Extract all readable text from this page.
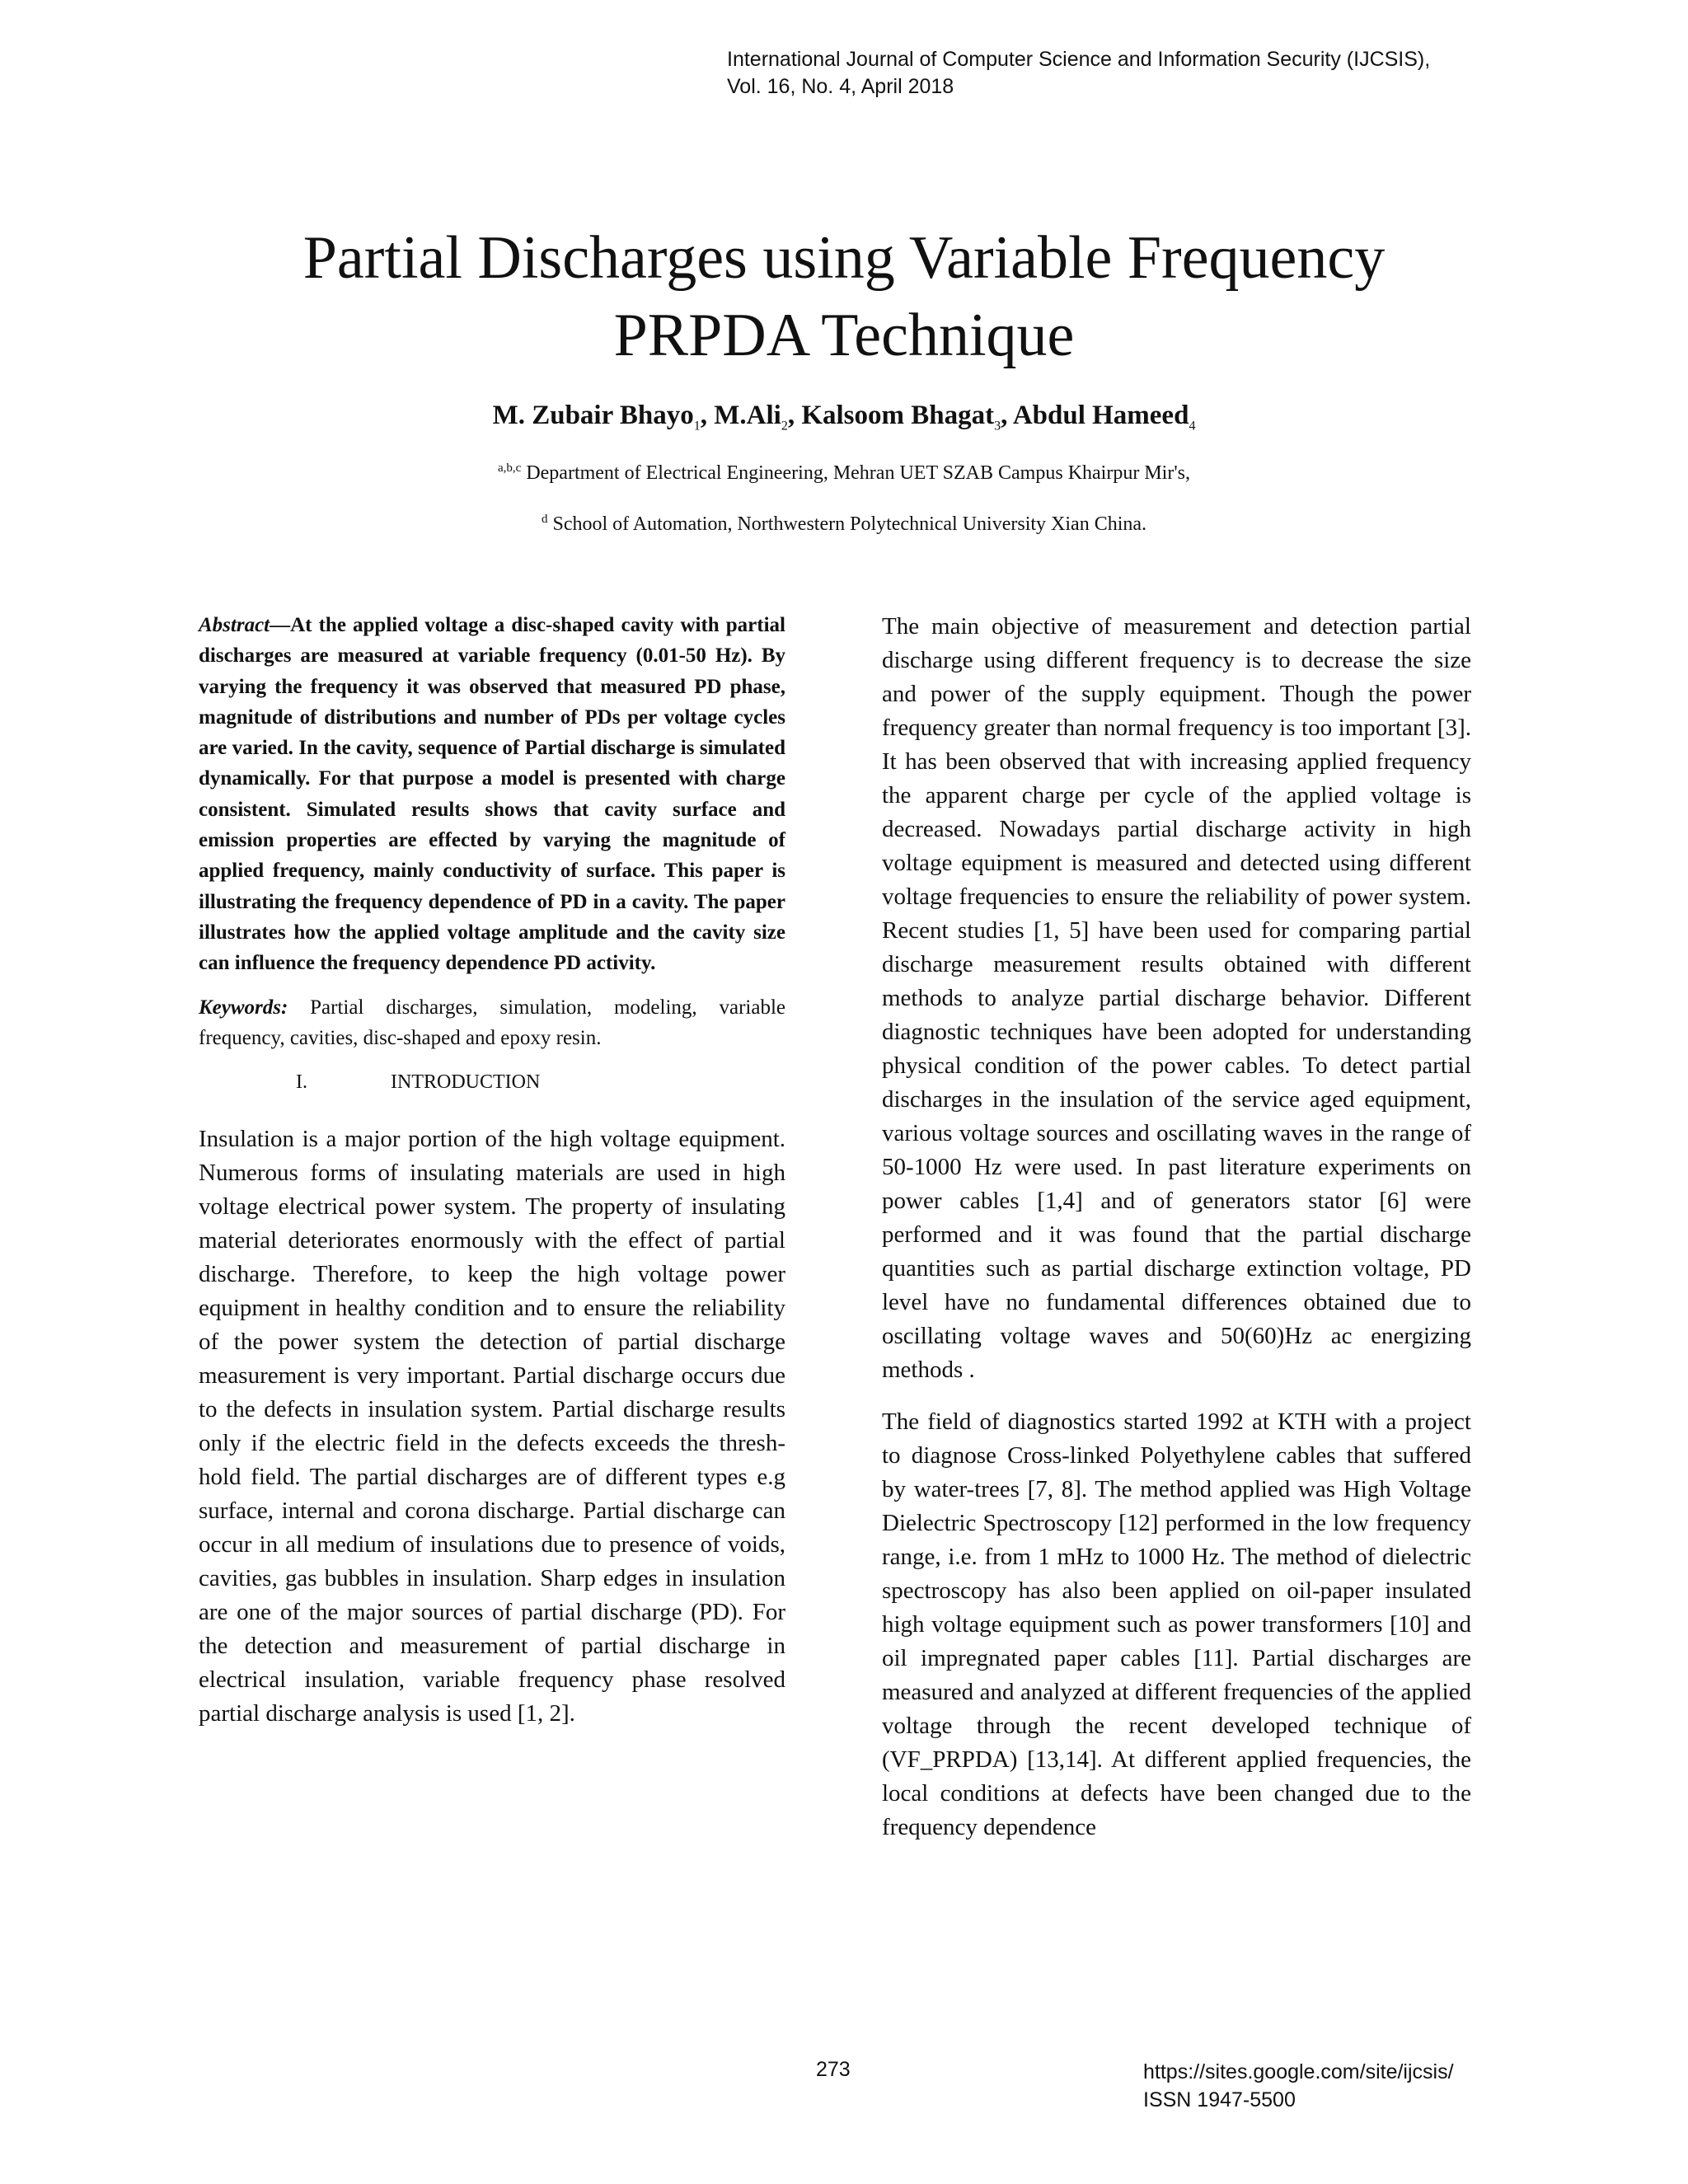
International Journal of Computer Science and Information Security (IJCSIS),
Vol. 16, No. 4, April 2018
Partial Discharges using Variable Frequency
PRPDA Technique
M. Zubair Bhayo$_1$, M.Ali$_2$, Kalsoom Bhagat$_3$, Abdul Hameed$_4$
$^{a,b,c}$ Department of Electrical Engineering, Mehran UET SZAB Campus Khairpur Mir's,
$^d$ School of Automation, Northwestern Polytechnical University Xian China.

Abstract—At the applied voltage a disc-shaped cavity with partial discharges are measured at variable frequency (0.01-50 Hz). By varying the frequency it was observed that measured PD phase, magnitude of distributions and number of PDs per voltage cycles are varied. In the cavity, sequence of Partial discharge is simulated dynamically. For that purpose a model is presented with charge consistent. Simulated results shows that cavity surface and emission properties are effected by varying the magnitude of applied frequency, mainly conductivity of surface. This paper is illustrating the frequency dependence of PD in a cavity. The paper illustrates how the applied voltage amplitude and the cavity size can influence the frequency dependence PD activity.

Keywords: Partial discharges, simulation, modeling, variable frequency, cavities, disc-shaped and epoxy resin.

I.	INTRODUCTION

Insulation is a major portion of the high voltage equipment. Numerous forms of insulating materials are used in high voltage electrical power system. The property of insulating material deteriorates enormously with the effect of partial discharge. Therefore, to keep the high voltage power equipment in healthy condition and to ensure the reliability of the power system the detection of partial discharge measurement is very important. Partial discharge occurs due to the defects in insulation system. Partial discharge results only if the electric field in the defects exceeds the thresh-hold field. The partial discharges are of different types e.g surface, internal and corona discharge. Partial discharge can occur in all medium of insulations due to presence of voids, cavities, gas bubbles in insulation. Sharp edges in insulation are one of the major sources of partial discharge (PD). For the detection and measurement of partial discharge in electrical insulation, variable frequency phase resolved partial discharge analysis is used [1, 2].

The main objective of measurement and detection partial discharge using different frequency is to decrease the size and power of the supply equipment. Though the power frequency greater than normal frequency is too important [3]. It has been observed that with increasing applied frequency the apparent charge per cycle of the applied voltage is decreased. Nowadays partial discharge activity in high voltage equipment is measured and detected using different voltage frequencies to ensure the reliability of power system. Recent studies [1, 5] have been used for comparing partial discharge measurement results obtained with different methods to analyze partial discharge behavior. Different diagnostic techniques have been adopted for understanding physical condition of the power cables. To detect partial discharges in the insulation of the service aged equipment, various voltage sources and oscillating waves in the range of 50-1000 Hz were used. In past literature experiments on power cables [1,4] and of generators stator [6] were performed and it was found that the partial discharge quantities such as partial discharge extinction voltage, PD level have no fundamental differences obtained due to oscillating voltage waves and 50(60)Hz ac energizing methods .

The field of diagnostics started 1992 at KTH with a project to diagnose Cross-linked Polyethylene cables that suffered by water-trees [7, 8]. The method applied was High Voltage Dielectric Spectroscopy [12] performed in the low frequency range, i.e. from 1 mHz to 1000 Hz. The method of dielectric spectroscopy has also been applied on oil-paper insulated high voltage equipment such as power transformers [10] and oil impregnated paper cables [11]. Partial discharges are measured and analyzed at different frequencies of the applied voltage through the recent developed technique of (VF_PRPDA) [13,14]. At different applied frequencies, the local conditions at defects have been changed due to the frequency dependence

273	https://sites.google.com/site/ijcsis/
ISSN 1947-5500
